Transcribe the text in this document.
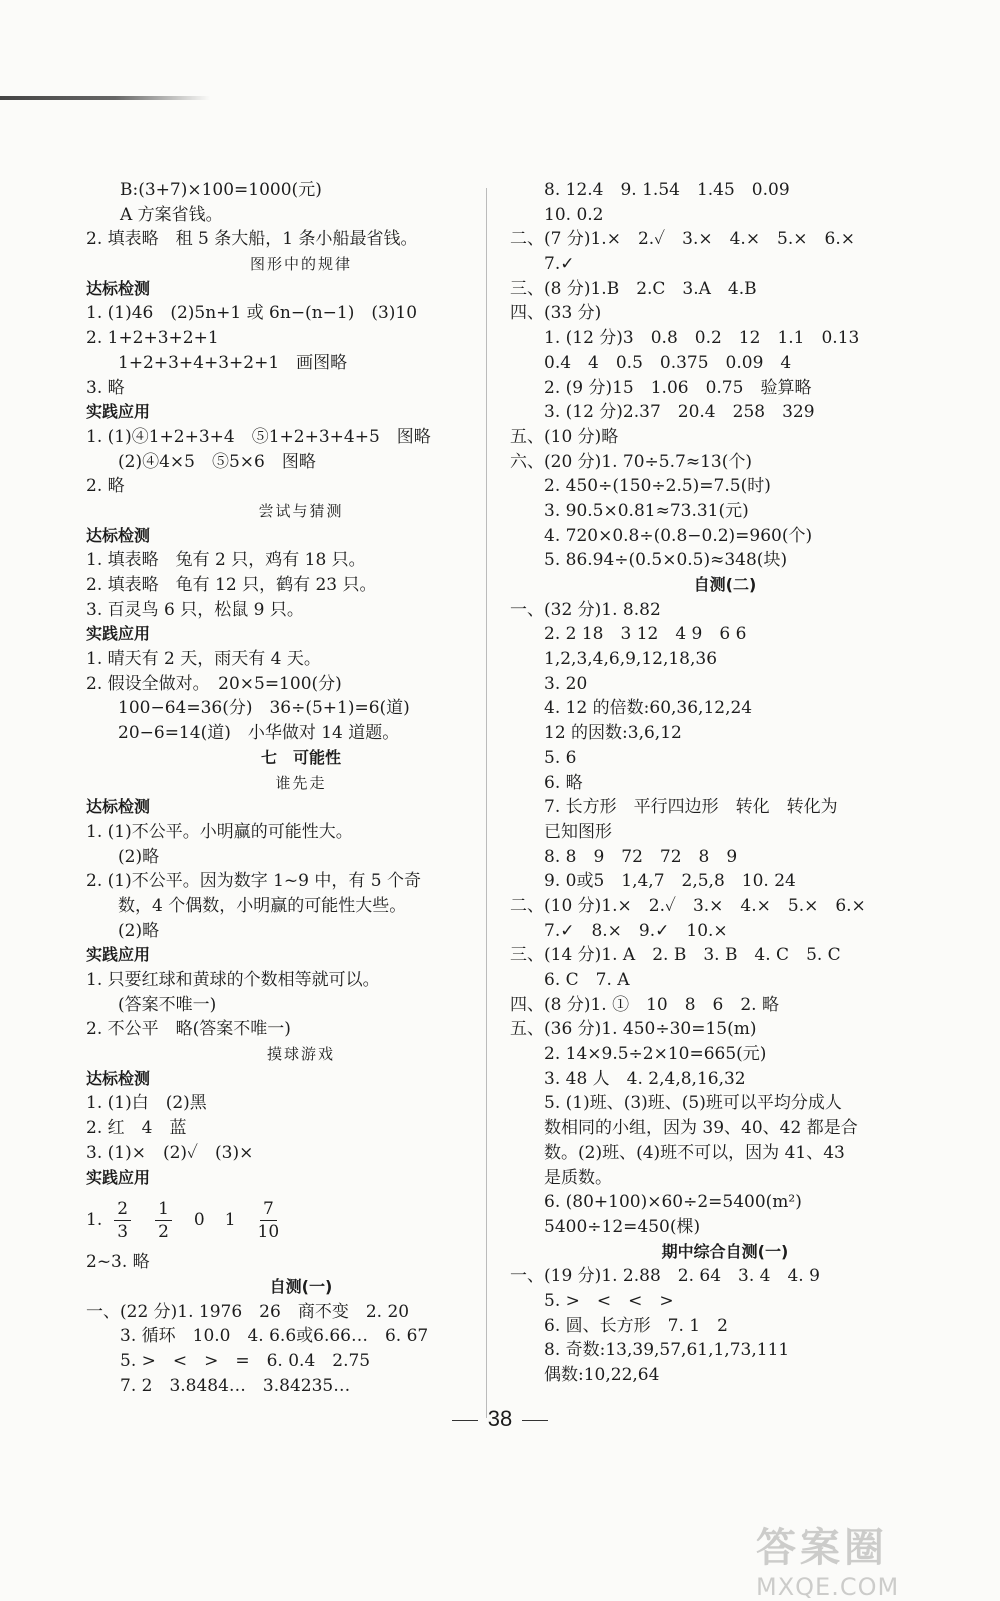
B:(3+7)×100=1000(元)
A 方案省钱。
2. 填表略　租 5 条大船，1 条小船最省钱。
图形中的规律
达标检测
1. (1)46　(2)5n+1 或 6n−(n−1)　(3)10
2. 1+2+3+2+1
1+2+3+4+3+2+1　画图略
3. 略
实践应用
1. (1)④1+2+3+4　⑤1+2+3+4+5　图略
(2)④4×5　⑤5×6　图略
2. 略
尝试与猜测
达标检测
1. 填表略　兔有 2 只，鸡有 18 只。
2. 填表略　龟有 12 只，鹤有 23 只。
3. 百灵鸟 6 只，松鼠 9 只。
实践应用
1. 晴天有 2 天，雨天有 4 天。
2. 假设全做对。　20×5=100(分)
100−64=36(分)　36÷(5+1)=6(道)
20−6=14(道)　小华做对 14 道题。
七　可能性
谁先走
达标检测
1. (1)不公平。小明赢的可能性大。
(2)略
2. (1)不公平。因为数字 1~9 中，有 5 个奇
数，4 个偶数，小明赢的可能性大些。
(2)略
实践应用
1. 只要红球和黄球的个数相等就可以。
(答案不唯一)
2. 不公平　略(答案不唯一)
摸球游戏
达标检测
1. (1)白　(2)黑
2. 红　4　蓝
3. (1)×　(2)✓　(3)×
实践应用
1. $\frac{2}{3} \frac{1}{2} 0$ $1 \frac{7}{10}$
2~3. 略
自测(一)
一、(22 分)1. 1976　26　商不变　2. 20
3. 循环　10.0　4. 6.6或6.66…　6. 67
5. >　<　>　=　6. 0.4　2.75
7. 2　3.8484…　3.84235…
8. 12.4　9. 1.54　1.45　0.09
10. 0.2
二、(7 分)1.×　2.✓　3.×　4.×　5.×　6.×
7.✓
三、(8 分)1.B　2.C　3.A　4.B
四、(33 分)
1. (12 分)3　0.8　0.2　12　1.1　0.13
0.4　4　0.5　0.375　0.09　4
2. (9 分)15　1.06　0.75　验算略
3. (12 分)2.37　20.4　258　329
五、(10 分)略
六、(20 分)1. 70÷5.7≈13(个)
2. 450÷(150÷2.5)=7.5(时)
3. 90.5×0.81≈73.31(元)
4. 720×0.8÷(0.8−0.2)=960(个)
5. 86.94÷(0.5×0.5)≈348(块)
自测(二)
一、(32 分)1. 8.82
2. 2 18　3 12　4 9　6 6
1,2,3,4,6,9,12,18,36
3. 20
4. 12 的倍数:60,36,12,24
12 的因数:3,6,12
5. 6
6. 略
7. 长方形　平行四边形　转化　转化为
已知图形
8. 8　9　72　72　8　9
9. 0或5　1,4,7　2,5,8　10. 24
二、(10 分)1.×　2.✓　3.×　4.×　5.×　6.×
7.✓　8.×　9.✓　10.×
三、(14 分)1. A　2. B　3. B　4. C　5. C
6. C　7. A
四、(8 分)1. ①　10　8　6　2. 略
五、(36 分)1. 450÷30=15(m)
2. 14×9.5÷2×10=665(元)
3. 48 人　4. 2,4,8,16,32
5. (1)班、(3)班、(5)班可以平均分成人
数相同的小组，因为 39、40、42 都是合
数。(2)班、(4)班不可以，因为 41、43
是质数。
6. (80+100)×60÷2=5400(m²)
5400÷12=450(棵)
期中综合自测(一)
一、(19 分)1. 2.88　2. 64　3. 4　4. 9
5. >　<　<　>
6. 圆、长方形　7. 1　2
8. 奇数:13,39,57,61,1,73,111
偶数:10,22,64
38
答案圈
MXQE.COM
